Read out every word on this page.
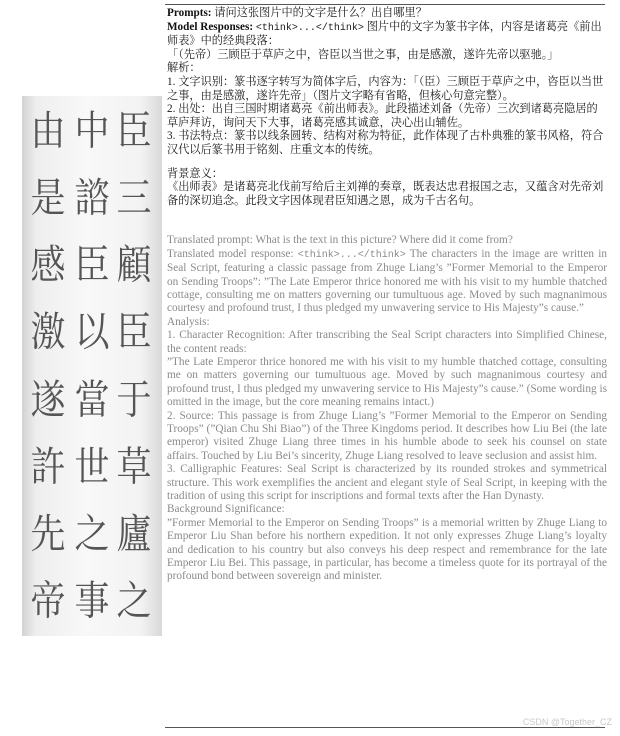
臣
三
顧
臣
于
草
廬
之
中
諮
臣
以
當
世
之
事
由
是
感
激
遂
許
先
帝

Prompts: 请问这张图片中的文字是什么？出自哪里？

Model Responses: <think>...</think> 图片中的文字为篆书字体，内容是诸葛亮《前出师表》中的经典段落：

「（先帝）三顾臣于草庐之中，咨臣以当世之事，由是感激，遂许先帝以驱驰。」

解析：

1. 文字识别：篆书逐字转写为简体字后，内容为：「（臣）三顾臣于草庐之中，咨臣以当世之事，由是感激，遂许先帝」（图片文字略有省略，但核心句意完整）。

2. 出处：出自三国时期诸葛亮《前出师表》。此段描述刘备（先帝）三次到诸葛亮隐居的草庐拜访，询问天下大事，诸葛亮感其诚意，决心出山辅佐。

3. 书法特点：篆书以线条圆转、结构对称为特征，此作体现了古朴典雅的篆书风格，符合汉代以后篆书用于铭刻、庄重文本的传统。

背景意义：

《出师表》是诸葛亮北伐前写给后主刘禅的奏章，既表达忠君报国之志，又蕴含对先帝刘备的深切追念。此段文字因体现君臣知遇之恩，成为千古名句。

Translated prompt: What is the text in this picture? Where did it come from?

Translated model response: <think>...</think> The characters in the image are written in Seal Script, featuring a classic passage from Zhuge Liang’s ”Former Memorial to the Emperor on Sending Troops”: ”The Late Emperor thrice honored me with his visit to my humble thatched cottage, consulting me on matters governing our tumultuous age. Moved by such magnanimous courtesy and profound trust, I thus pledged my unwavering service to His Majesty”s cause.”

Analysis:

1. Character Recognition: After transcribing the Seal Script characters into Simplified Chinese, the content reads:

”The Late Emperor thrice honored me with his visit to my humble thatched cottage, consulting me on matters governing our tumultuous age. Moved by such magnanimous courtesy and profound trust, I thus pledged my unwavering service to His Majesty”s cause.” (Some wording is omitted in the image, but the core meaning remains intact.)

2. Source: This passage is from Zhuge Liang’s ”Former Memorial to the Emperor on Sending Troops” (”Qian Chu Shi Biao”) of the Three Kingdoms period. It describes how Liu Bei (the late emperor) visited Zhuge Liang three times in his humble abode to seek his counsel on state affairs. Touched by Liu Bei’s sincerity, Zhuge Liang resolved to leave seclusion and assist him.

3. Calligraphic Features: Seal Script is characterized by its rounded strokes and symmetrical structure. This work exemplifies the ancient and elegant style of Seal Script, in keeping with the tradition of using this script for inscriptions and formal texts after the Han Dynasty.

Background Significance:

”Former Memorial to the Emperor on Sending Troops” is a memorial written by Zhuge Liang to Emperor Liu Shan before his northern expedition. It not only expresses Zhuge Liang’s loyalty and dedication to his country but also conveys his deep respect and remembrance for the late Emperor Liu Bei. This passage, in particular, has become a timeless quote for its portrayal of the profound bond between sovereign and minister.

CSDN @Together_CZ
